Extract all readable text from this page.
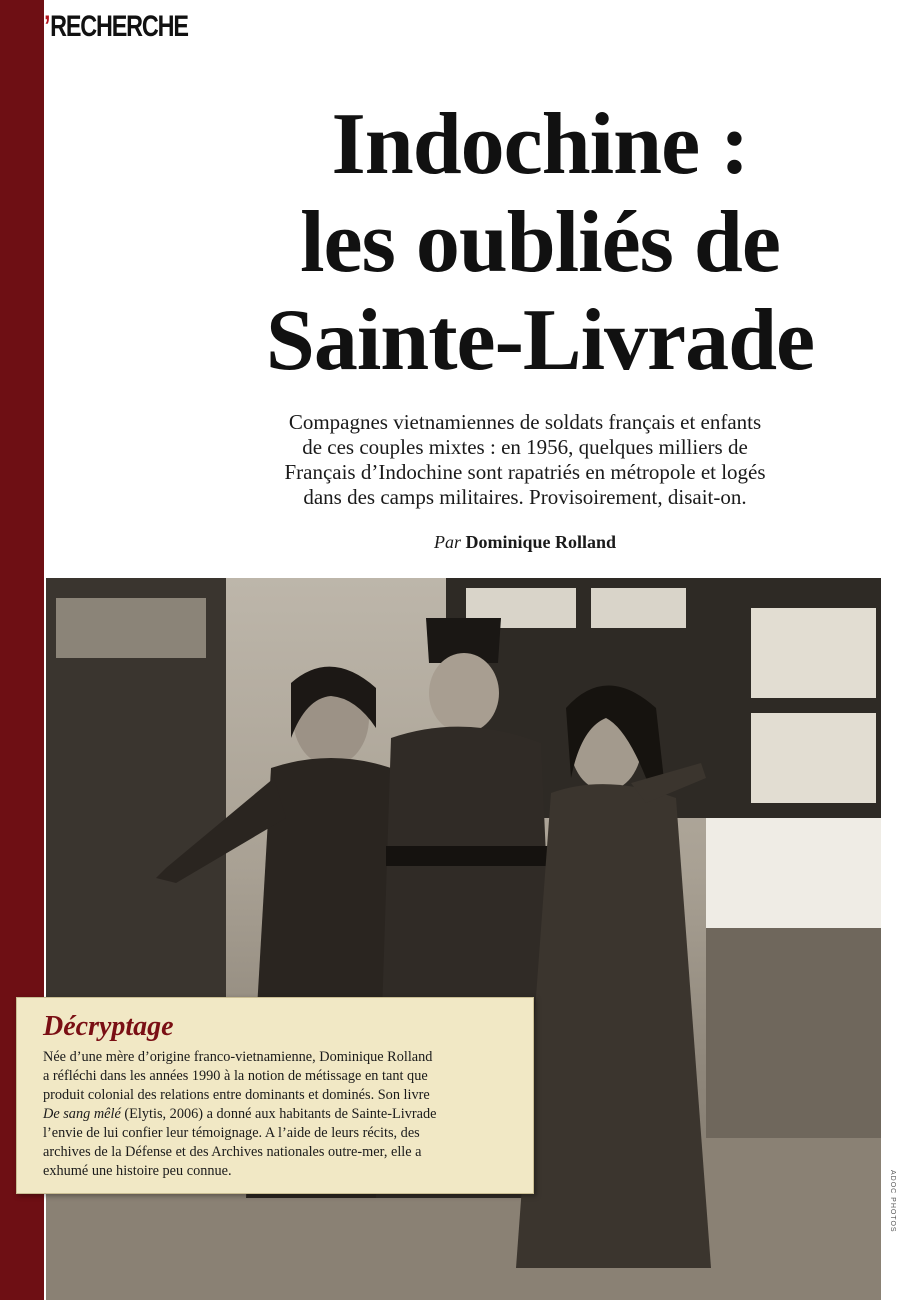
’RECHERCHE
Indochine :
les oubliés de
Sainte-Livrade

Compagnes vietnamiennes de soldats français et enfants
de ces couples mixtes : en 1956, quelques milliers de
Français d’Indochine sont rapatriés en métropole et logés
dans des camps militaires. Provisoirement, disait-on.

Par Dominique Rolland
ADOC PHOTOS
Décryptage
Née d’une mère d’origine franco-vietnamienne, Dominique Rolland
a réfléchi dans les années 1990 à la notion de métissage en tant que
produit colonial des relations entre dominants et dominés. Son livre
De sang mêlé (Elytis, 2006) a donné aux habitants de Sainte-Livrade
l’envie de lui confier leur témoignage. A l’aide de leurs récits, des
archives de la Défense et des Archives nationales outre-mer, elle a
exhumé une histoire peu connue.
